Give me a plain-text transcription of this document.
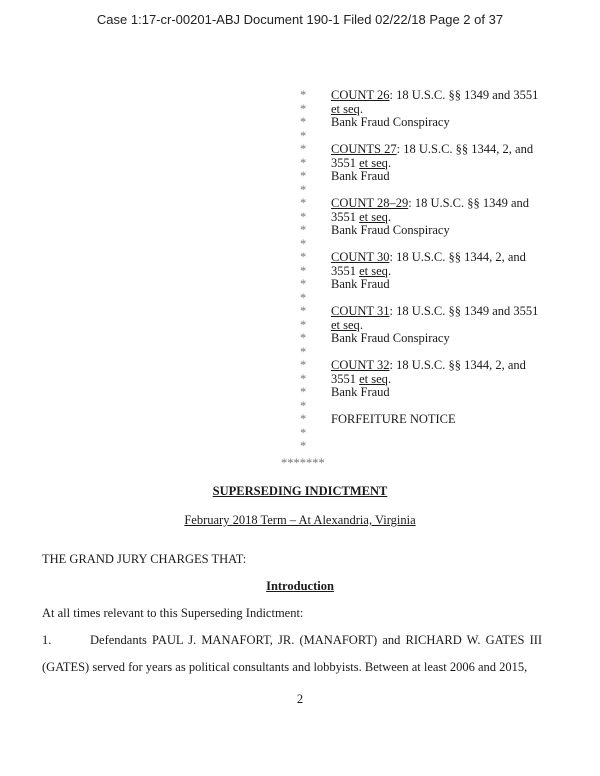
Case 1:17-cr-00201-ABJ Document 190-1 Filed 02/22/18 Page 2 of 37
* COUNT 26: 18 U.S.C. §§ 1349 and 3551
* et seq.
* Bank Fraud Conspiracy
*
* COUNTS 27: 18 U.S.C. §§ 1344, 2, and
* 3551 et seq.
* Bank Fraud
*
* COUNT 28–29: 18 U.S.C. §§ 1349 and
* 3551 et seq.
* Bank Fraud Conspiracy
*
* COUNT 30: 18 U.S.C. §§ 1344, 2, and
* 3551 et seq.
* Bank Fraud
*
* COUNT 31: 18 U.S.C. §§ 1349 and 3551
* et seq.
* Bank Fraud Conspiracy
*
* COUNT 32: 18 U.S.C. §§ 1344, 2, and
* 3551 et seq.
* Bank Fraud
*
* FORFEITURE NOTICE
*
*
*******
SUPERSEDING INDICTMENT
February 2018 Term – At Alexandria, Virginia
THE GRAND JURY CHARGES THAT:
Introduction
At all times relevant to this Superseding Indictment:
1.	Defendants PAUL J. MANAFORT, JR. (MANAFORT) and RICHARD W. GATES III
(GATES) served for years as political consultants and lobbyists. Between at least 2006 and 2015,
2
